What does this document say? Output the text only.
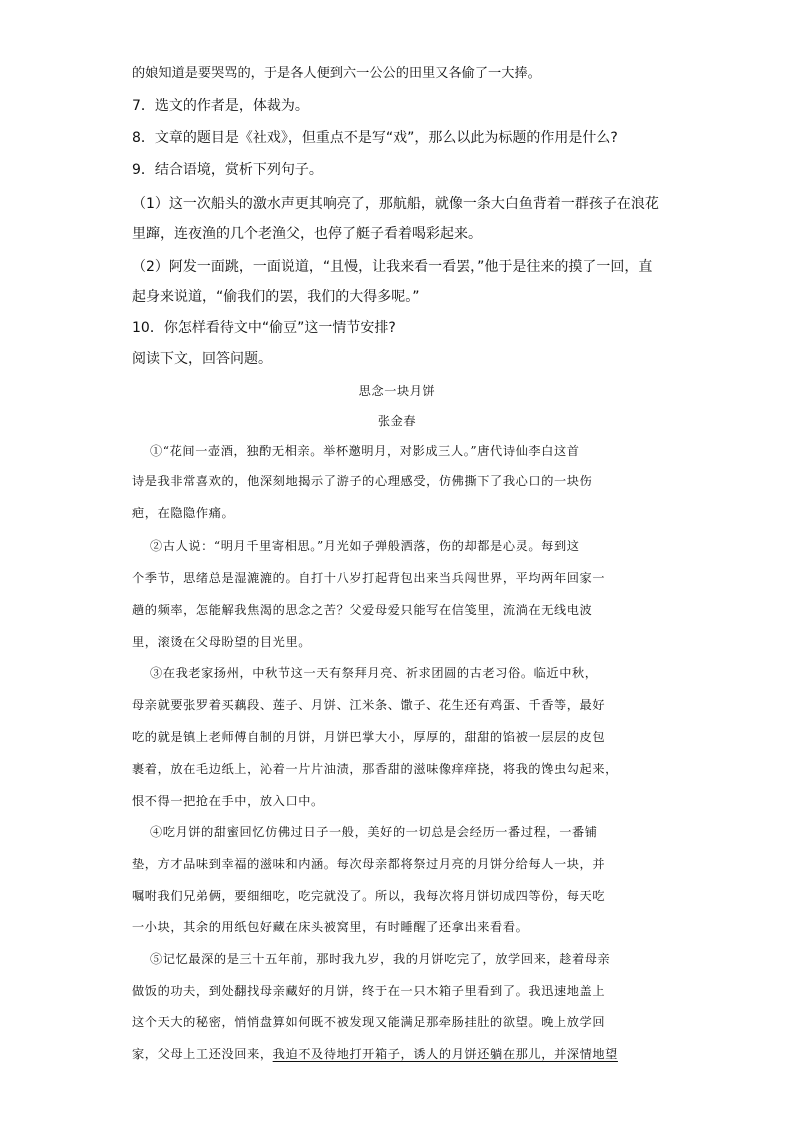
的娘知道是要哭骂的，于是各人便到六一公公的田里又各偷了一大捧。
7．选文的作者是，体裁为。
8．文章的题目是《社戏》，但重点不是写“戏”，那么以此为标题的作用是什么?
9．结合语境，赏析下列句子。
（1）这一次船头的激水声更其响亮了，那航船，就像一条大白鱼背着一群孩子在浪花
里蹿，连夜渔的几个老渔父，也停了艇子看着喝彩起来。
（2）阿发一面跳，一面说道，“且慢，让我来看一看罢，”他于是往来的摸了一回，直
起身来说道，“偷我们的罢，我们的大得多呢。”
10．你怎样看待文中“偷豆”这一情节安排?
阅读下文，回答问题。
思念一块月饼
张金春
①“花间一壶酒，独酌无相亲。举杯邀明月，对影成三人。”唐代诗仙李白这首
诗是我非常喜欢的，他深刻地揭示了游子的心理感受，仿佛撕下了我心口的一块伤
疤，在隐隐作痛。
②古人说：“明月千里寄相思。”月光如子弹般洒落，伤的却都是心灵。每到这
个季节，思绪总是湿漉漉的。自打十八岁打起背包出来当兵闯世界，平均两年回家一
趟的频率，怎能解我焦渴的思念之苦？父爱母爱只能写在信笺里，流淌在无线电波
里，滚烫在父母盼望的目光里。
③在我老家扬州，中秋节这一天有祭拜月亮、祈求团圆的古老习俗。临近中秋，
母亲就要张罗着买藕段、莲子、月饼、江米条、馓子、花生还有鸡蛋、千香等，最好
吃的就是镇上老师傅自制的月饼，月饼巴掌大小，厚厚的，甜甜的馅被一层层的皮包
裹着，放在毛边纸上，沁着一片片油渍，那香甜的滋味像痒痒挠，将我的馋虫勾起来，
恨不得一把抢在手中，放入口中。
④吃月饼的甜蜜回忆仿佛过日子一般，美好的一切总是会经历一番过程，一番铺
垫，方才品味到幸福的滋味和内涵。每次母亲都将祭过月亮的月饼分给每人一块，并
嘱咐我们兄弟俩，要细细吃，吃完就没了。所以，我每次将月饼切成四等份，每天吃
一小块，其余的用纸包好藏在床头被窝里，有时睡醒了还拿出来看看。
⑤记忆最深的是三十五年前，那时我九岁，我的月饼吃完了，放学回来，趁着母亲
做饭的功夫，到处翻找母亲藏好的月饼，终于在一只木箱子里看到了。我迅速地盖上
这个天大的秘密，悄悄盘算如何既不被发现又能满足那牵肠挂肚的欲望。晚上放学回
家，父母上工还没回来，我迫不及待地打开箱子，诱人的月饼还躺在那儿，并深情地望
